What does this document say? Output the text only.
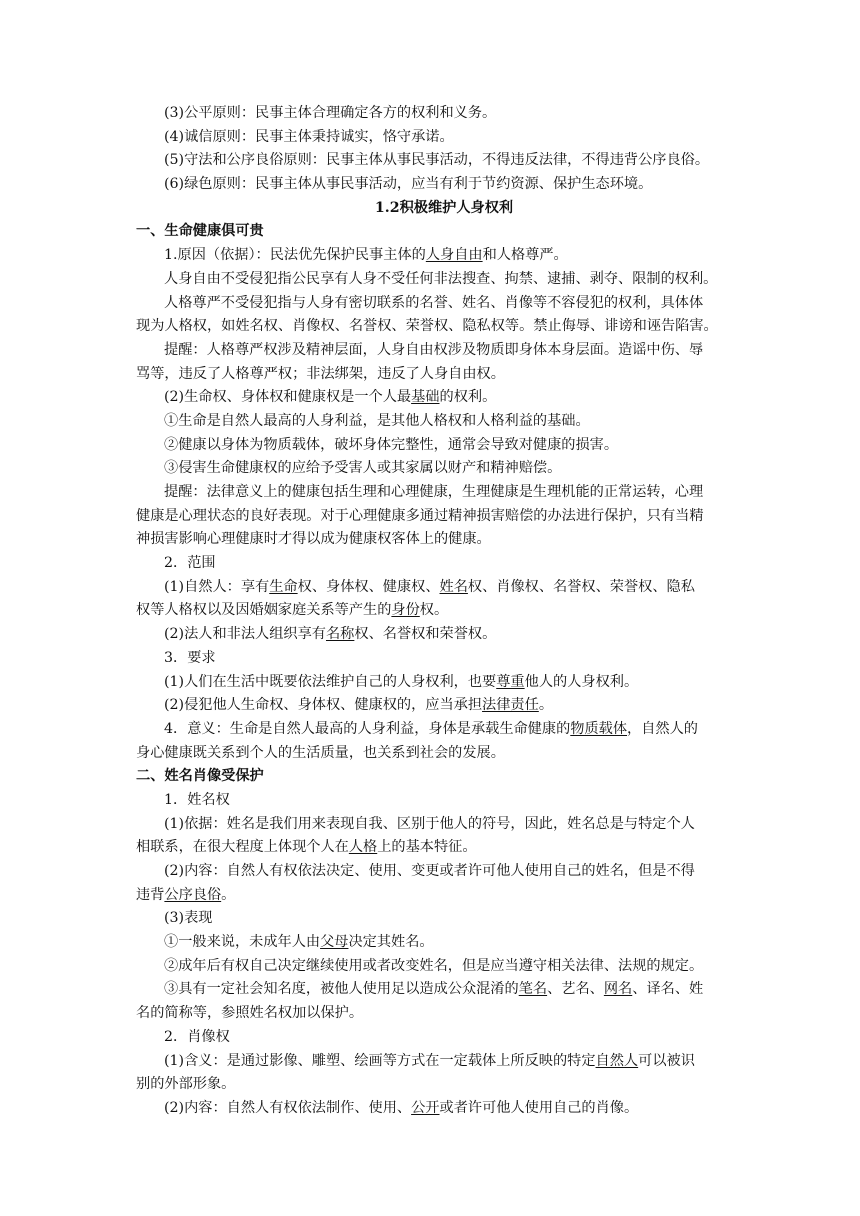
(3)公平原则：民事主体合理确定各方的权利和义务。
(4)诚信原则：民事主体秉持诚实，恪守承诺。
(5)守法和公序良俗原则：民事主体从事民事活动，不得违反法律，不得违背公序良俗。
(6)绿色原则：民事主体从事民事活动，应当有利于节约资源、保护生态环境。
1.2积极维护人身权利
一、生命健康俱可贵
1.原因（依据）：民法优先保护民事主体的人身自由和人格尊严。
人身自由不受侵犯指公民享有人身不受任何非法搜查、拘禁、逮捕、剥夺、限制的权利。
人格尊严不受侵犯指与人身有密切联系的名誉、姓名、肖像等不容侵犯的权利，具体体
现为人格权，如姓名权、肖像权、名誉权、荣誉权、隐私权等。禁止侮辱、诽谤和诬告陷害。
提醒：人格尊严权涉及精神层面，人身自由权涉及物质即身体本身层面。造谣中伤、辱
骂等，违反了人格尊严权；非法绑架，违反了人身自由权。
(2)生命权、身体权和健康权是一个人最基础的权利。
①生命是自然人最高的人身利益，是其他人格权和人格利益的基础。
②健康以身体为物质载体，破坏身体完整性，通常会导致对健康的损害。
③侵害生命健康权的应给予受害人或其家属以财产和精神赔偿。
提醒：法律意义上的健康包括生理和心理健康，生理健康是生理机能的正常运转，心理
健康是心理状态的良好表现。对于心理健康多通过精神损害赔偿的办法进行保护，只有当精
神损害影响心理健康时才得以成为健康权客体上的健康。
2．范围
(1)自然人：享有生命权、身体权、健康权、姓名权、肖像权、名誉权、荣誉权、隐私
权等人格权以及因婚姻家庭关系等产生的身份权。
(2)法人和非法人组织享有名称权、名誉权和荣誉权。
3．要求
(1)人们在生活中既要依法维护自己的人身权利，也要尊重他人的人身权利。
(2)侵犯他人生命权、身体权、健康权的，应当承担法律责任。
4．意义：生命是自然人最高的人身利益，身体是承载生命健康的物质载体，自然人的
身心健康既关系到个人的生活质量，也关系到社会的发展。
二、姓名肖像受保护
1．姓名权
(1)依据：姓名是我们用来表现自我、区别于他人的符号，因此，姓名总是与特定个人
相联系，在很大程度上体现个人在人格上的基本特征。
(2)内容：自然人有权依法决定、使用、变更或者许可他人使用自己的姓名，但是不得
违背公序良俗。
(3)表现
①一般来说，未成年人由父母决定其姓名。
②成年后有权自己决定继续使用或者改变姓名，但是应当遵守相关法律、法规的规定。
③具有一定社会知名度，被他人使用足以造成公众混淆的笔名、艺名、网名、译名、姓
名的简称等，参照姓名权加以保护。
2．肖像权
(1)含义：是通过影像、雕塑、绘画等方式在一定载体上所反映的特定自然人可以被识
别的外部形象。
(2)内容：自然人有权依法制作、使用、公开或者许可他人使用自己的肖像。
